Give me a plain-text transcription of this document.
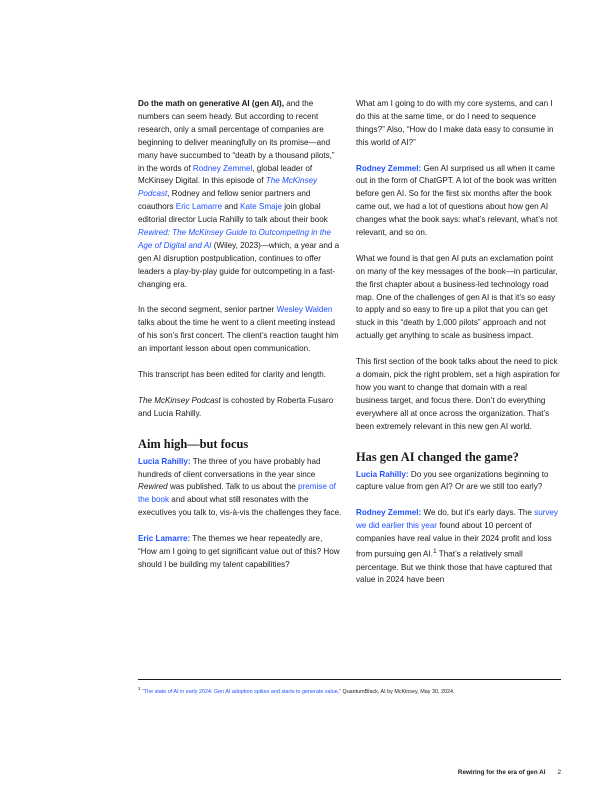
Do the math on generative AI (gen AI), and the numbers can seem heady. But according to recent research, only a small percentage of companies are beginning to deliver meaningfully on its promise—and many have succumbed to “death by a thousand pilots,” in the words of Rodney Zemmel, global leader of McKinsey Digital. In this episode of The McKinsey Podcast, Rodney and fellow senior partners and coauthors Eric Lamarre and Kate Smaje join global editorial director Lucia Rahilly to talk about their book Rewired: The McKinsey Guide to Outcompeting in the Age of Digital and AI (Wiley, 2023)—which, a year and a gen AI disruption postpublication, continues to offer leaders a play-by-play guide for outcompeting in a fast-changing era.

In the second segment, senior partner Wesley Walden talks about the time he went to a client meeting instead of his son’s first concert. The client’s reaction taught him an important lesson about open communication.

This transcript has been edited for clarity and length.

The McKinsey Podcast is cohosted by Roberta Fusaro and Lucia Rahilly.

Aim high—but focus

Lucia Rahilly: The three of you have probably had hundreds of client conversations in the year since Rewired was published. Talk to us about the premise of the book and about what still resonates with the executives you talk to, vis-à-vis the challenges they face.

Eric Lamarre: The themes we hear repeatedly are, “How am I going to get significant value out of this? How should I be building my talent capabilities?

What am I going to do with my core systems, and can I do this at the same time, or do I need to sequence things?” Also, “How do I make data easy to consume in this world of AI?”

Rodney Zemmel: Gen AI surprised us all when it came out in the form of ChatGPT. A lot of the book was written before gen AI. So for the first six months after the book came out, we had a lot of questions about how gen AI changes what the book says: what’s relevant, what’s not relevant, and so on.

What we found is that gen AI puts an exclamation point on many of the key messages of the book—in particular, the first chapter about a business-led technology road map. One of the challenges of gen AI is that it’s so easy to apply and so easy to fire up a pilot that you can get stuck in this “death by 1,000 pilots” approach and not actually get anything to scale as business impact.

This first section of the book talks about the need to pick a domain, pick the right problem, set a high aspiration for how you want to change that domain with a real business target, and focus there. Don’t do everything everywhere all at once across the organization. That’s been extremely relevant in this new gen AI world.

Has gen AI changed the game?

Lucia Rahilly: Do you see organizations beginning to capture value from gen AI? Or are we still too early?

Rodney Zemmel: We do, but it’s early days. The survey we did earlier this year found about 10 percent of companies have real value in their 2024 profit and loss from pursuing gen AI.$^1$ That’s a relatively small percentage. But we think those that have captured that value in 2024 have been

$^1$ “The state of AI in early 2024: Gen AI adoption spikes and starts to generate value,” QuantumBlack, AI by McKinsey, May 30, 2024.
Rewiring for the era of gen AI 2
